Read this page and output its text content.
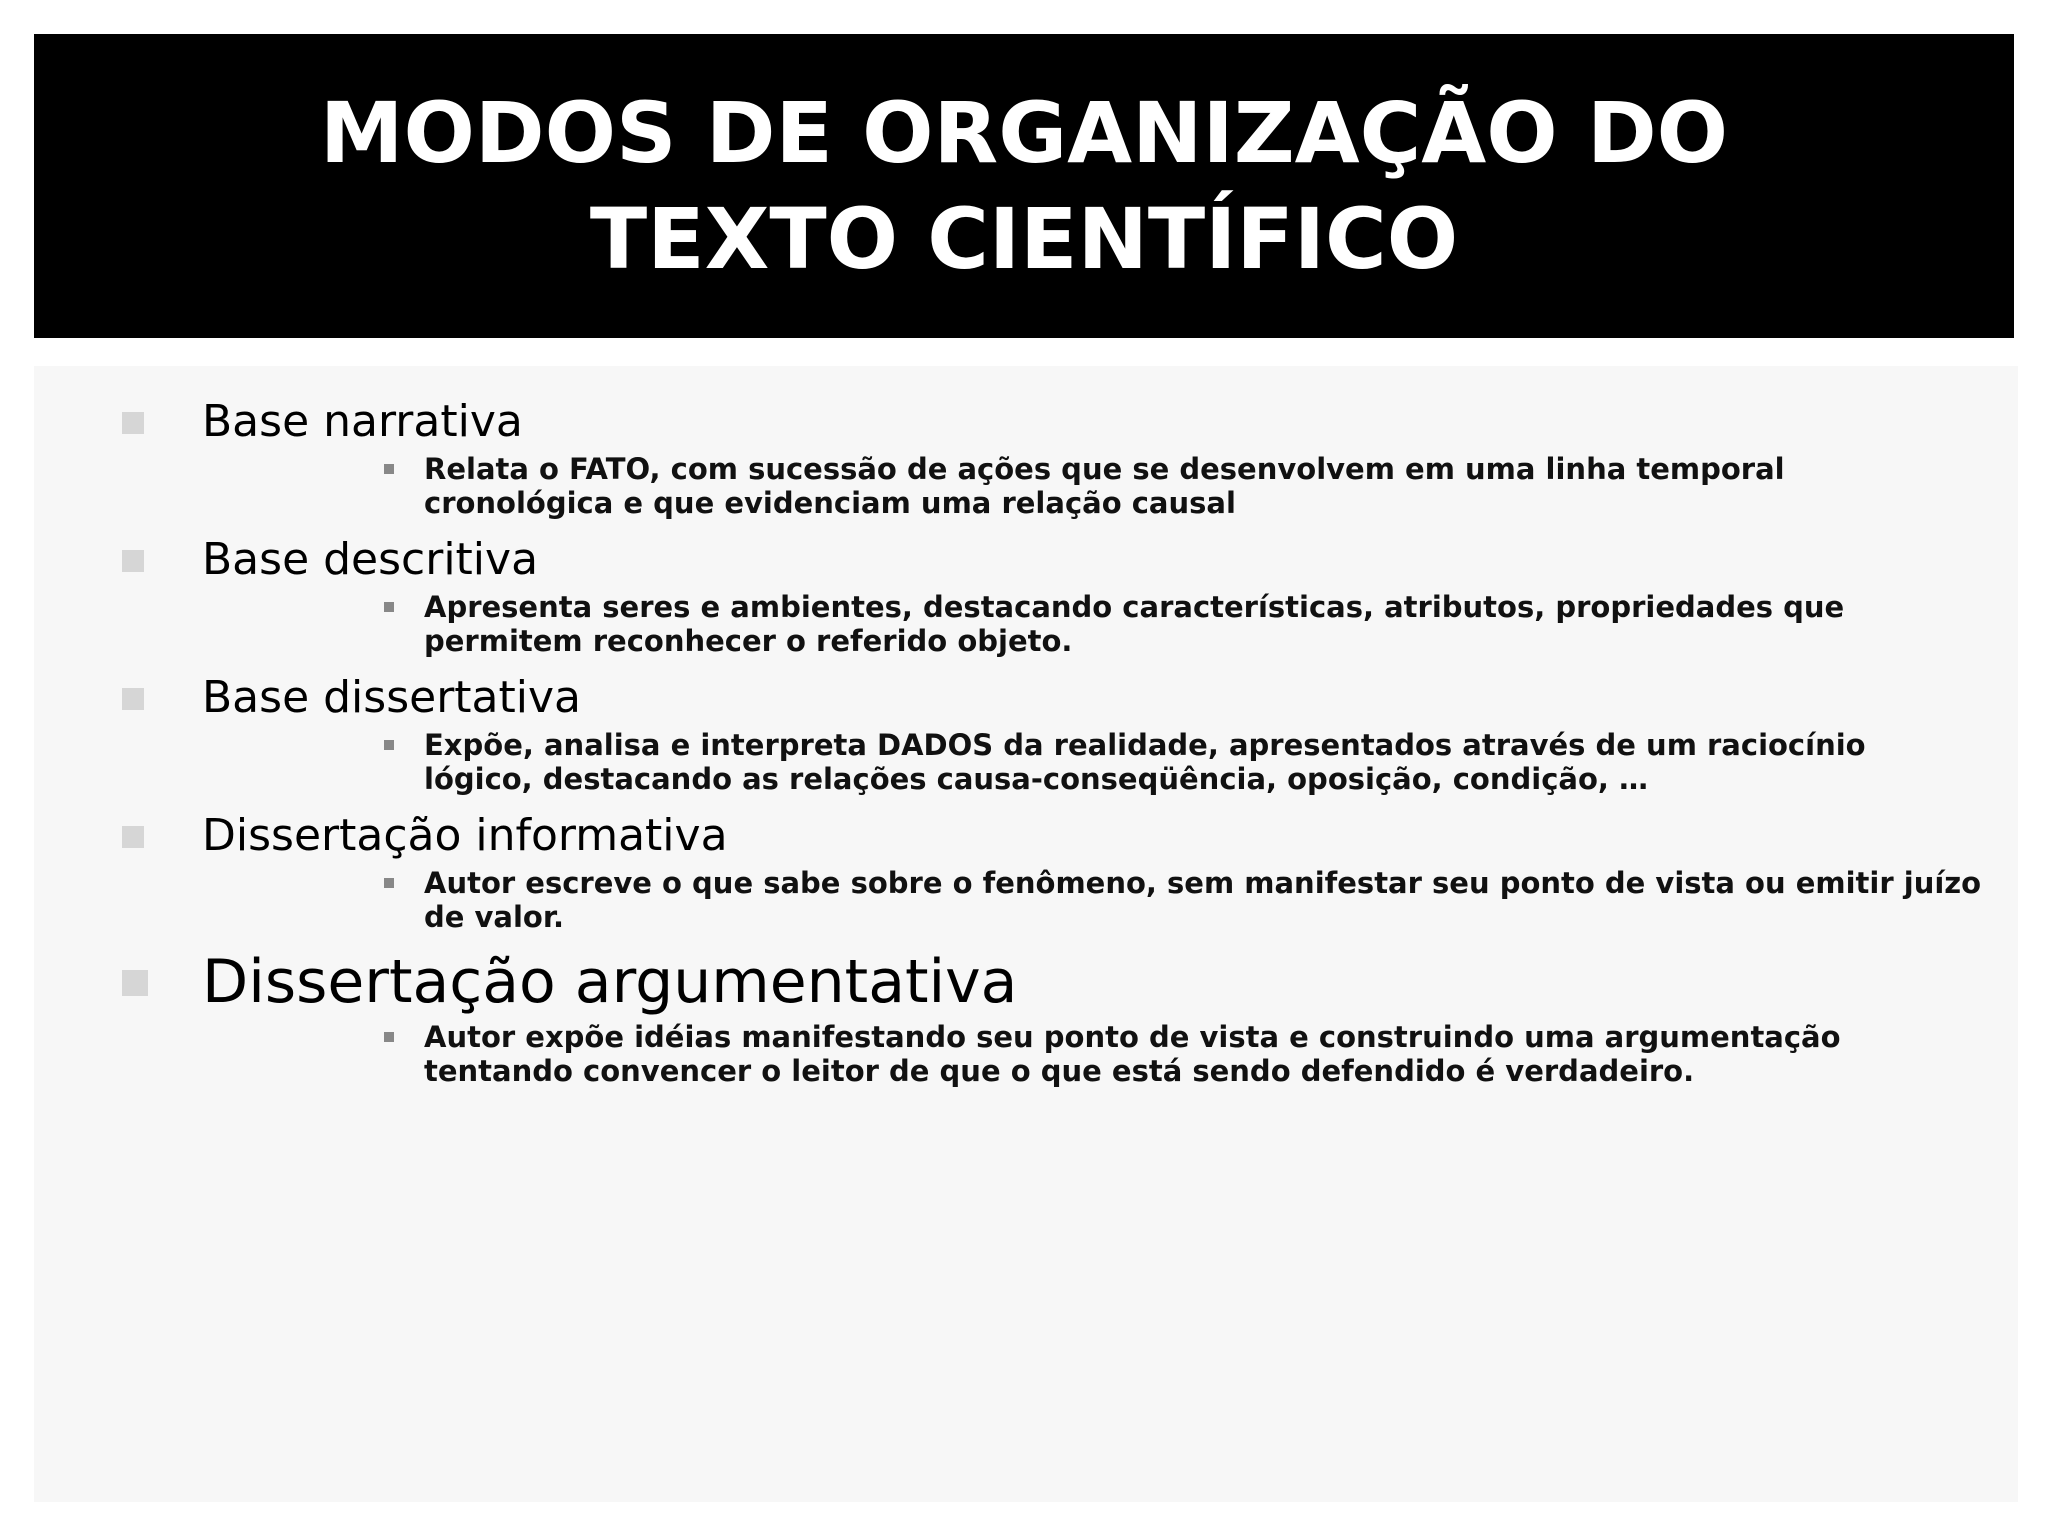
MODOS DE ORGANIZAÇÃO DO TEXTO CIENTÍFICO
Base narrativa
Relata o FATO, com sucessão de ações que se desenvolvem em uma linha temporal cronológica e que evidenciam uma relação causal
Base descritiva
Apresenta seres e ambientes, destacando características, atributos, propriedades que permitem reconhecer o referido objeto.
Base dissertativa
Expõe, analisa e interpreta DADOS da realidade, apresentados através de um raciocínio lógico, destacando as relações causa-conseqüência, oposição, condição, …
Dissertação informativa
Autor escreve o que sabe sobre o fenômeno, sem manifestar seu ponto de vista ou emitir juízo de valor.
Dissertação argumentativa
Autor expõe idéias manifestando seu ponto de vista e construindo uma argumentação tentando convencer o leitor de que o que está sendo defendido é verdadeiro.
